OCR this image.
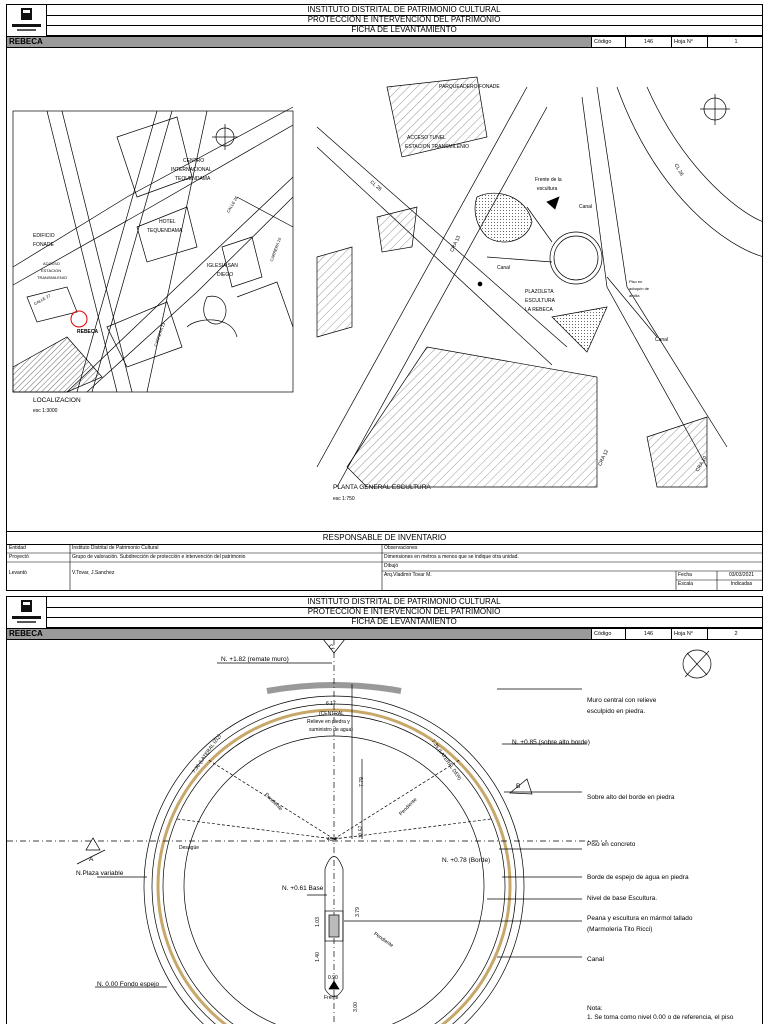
INSTITUTO DISTRITAL DE PATRIMONIO CULTURAL
PROTECCIÓN E INTERVENCIÓN DEL PATRIMONIO
FICHA DE LEVANTAMIENTO
REBECA	Código	146	Hoja N°	1
CENTRO
INTERNACIONAL
TEQUENDAMA
HOTEL
TEQUENDAMA
EDIFICIO
FONADE
ACCESO
ESTACION
TRANSMILENIO
IGLESIA SAN
DIEGO
REBECA
CALLE 26
CARRERA 13
CARRERA 10
CALLE 27
LOCALIZACION
esc 1:3000
PARQUEADERO FONADE
ACCESO TUNEL
ESTACION TRANSMILENIO
CL 26
CL 26
CRA 13
Frente de la
escultura
Canal
Canal
Canal
PLAZOLETA
ESCULTURA
LA REBECA
Piso en
adoquín de
arcilla
CRA 12	CRA 10
PLANTA GENERAL ESCULTURA
esc 1:750
RESPONSABLE DE INVENTARIO
Entidad	Instituto Distrital de Patrimonio Cultural
Proyectó	Grupo de valoración. Subdirección de protección e intervención del patrimonio
Levantó	V.Tovar, J.Sanchez
Observaciones
Dimensiones en metros a menos que se indique otra unidad.
Dibujó
Arq.Vladimir Tovar M.	Fecha	03/03/2021
Escala	Indicadas
INSTITUTO DISTRITAL DE PATRIMONIO CULTURAL
PROTECCIÓN E INTERVENCIÓN DEL PATRIMONIO
FICHA DE LEVANTAMIENTO
REBECA	Código	146	Hoja N°	2
N. +1.82 (remate muro)
N. +0.85 (sobre alto borde)
N. +0.78 (Borde)
N. +0.61 Base
N.Plaza variable
N. 0.00 Fondo espejo
6.17
(CENTRAL
Relieve en piedra y
suministro de agua)
7.79
12.57
7.36 (LATERAL IZQ)	7.35 (LATERAL DER)
45.4°
1.03
1.40
3.79
0.90
3.00
Pendiente	Pendiente
Pendiente
Desagüe
Frente
A
C
B
Muro central con relieve
esculpido en piedra.
Sobre alto del borde en piedra
Piso en concreto
Borde de espejo de agua en piedra
Nivel de base Escultura.
Peana y escultura en mármol tallado
(Marmolería Tito Ricci)
Canal
Nota:
1. Se toma como nivel 0.00 o de referencia, el piso
